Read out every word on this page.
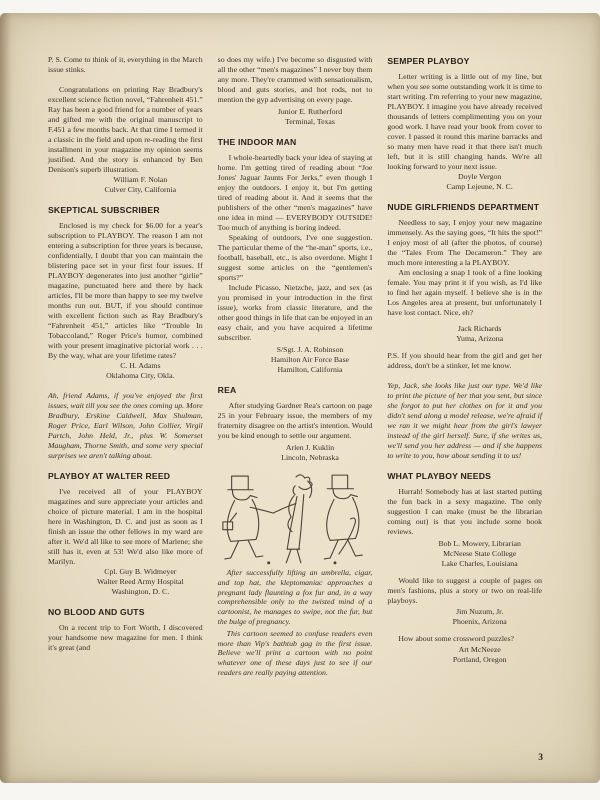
P. S. Come to think of it, everything in the March issue stinks.

Congratulations on printing Ray Bradbury's excellent science fiction novel, “Fahrenheit 451.” Ray has been a good friend for a number of years and gifted me with the original manuscript to F.451 a few months back. At that time I termed it a classic in the field and upon re-reading the first installment in your magazine my opinion seems justified. And the story is enhanced by Ben Denison's superb illustration.

William F. Nolan
Culver City, California
SKEPTICAL SUBSCRIBER

Enclosed is my check for $6.00 for a year's subscription to PLAYBOY. The reason I am not entering a subscription for three years is because, confidentially, I doubt that you can maintain the blistering pace set in your first four issues. If PLAYBOY degenerates into just another “girlie” magazine, punctuated here and there by hack articles, I'll be more than happy to see my twelve months run out. BUT, if you should continue with excellent fiction such as Ray Bradbury's “Fahrenheit 451,” articles like “Trouble In Tobaccoland,” Roger Price's humor, combined with your present imaginative pictorial work . . . By the way, what are your lifetime rates?

C. H. Adams
Oklahoma City, Okla.

Ah, friend Adams, if you've enjoyed the first issues, wait till you see the ones coming up. More Bradbury, Erskine Caldwell, Max Shulman, Roger Price, Earl Wilson, John Collier, Virgil Partch, John Held, Jr., plus W. Somerset Maugham, Thorne Smith, and some very special surprises we aren't talking about.

PLAYBOY AT WALTER REED

I've received all of your PLAYBOY magazines and sure appreciate your articles and choice of picture material. I am in the hospital here in Washington, D. C. and just as soon as I finish an issue the other fellows in my ward are after it. We'd all like to see more of Marlene; she still has it, even at 53! We'd also like more of Marilyn.

Cpl. Guy B. Widmeyer
Walter Reed Army Hospital
Washington, D. C.
NO BLOOD AND GUTS

On a recent trip to Fort Worth, I discovered your handsome new magazine for men. I think it's great (and

so does my wife.) I've become so disgusted with all the other “men's magazines” I never buy them any more. They're crammed with sensationalism, blood and guts stories, and hot rods, not to mention the gyp advertising on every page.

Junior E. Rutherford
Terminal, Texas
THE INDOOR MAN

I whole-heartedly back your idea of staying at home. I'm getting tired of reading about “Joe Jones' Jaguar Jaunts For Jerks,” even though I enjoy the outdoors. I enjoy it, but I'm getting tired of reading about it. And it seems that the publishers of the other “men's magazines” have one idea in mind — EVERYBODY OUTSIDE! Too much of anything is boring indeed.

Speaking of outdoors, I've one suggestion. The particular theme of the “he-man” sports, i.e., football, baseball, etc., is also overdone. Might I suggest some articles on the “gentlemen's sports?”

Include Picasso, Nietzche, jazz, and sex (as you promised in your introduction in the first issue), works from classic literature, and the other good things in life that can be enjoyed in an easy chair, and you have acquired a lifetime subscriber.

S/Sgt. J. A. Robinson
Hamilton Air Force Base
Hamilton, California
REA

After studying Gardner Rea's cartoon on page 25 in your February issue, the members of my fraternity disagree on the artist's intention. Would you be kind enough to settle our argument.

Arlen J. Kuklin
Lincoln, Nebraska

After successfully lifting an umbrella, cigar, and top hat, the kleptomaniac approaches a pregnant lady flaunting a fox fur and, in a way comprehensible only to the twisted mind of a cartoonist, he manages to swipe, not the fur, but the bulge of pregnancy.

This cartoon seemed to confuse readers even more than Vip's bathtub gag in the first issue. Believe we'll print a cartoon with no point whatever one of these days just to see if our readers are really paying attention.

SEMPER PLAYBOY

Letter writing is a little out of my line, but when you see some outstanding work it is time to start writing. I'm referring to your new magazine, PLAYBOY. I imagine you have already received thousands of letters complimenting you on your good work. I have read your book from cover to cover. I passed it round this marine barracks and so many men have read it that there isn't much left, but it is still changing hands. We're all looking forward to your next issue.

Doyle Vergon
Camp Lejeune, N. C.
NUDE GIRLFRIENDS DEPARTMENT

Needless to say, I enjoy your new magazine immensely. As the saying goes, “It hits the spot!” I enjoy most of all (after the photos, of course) the “Tales From The Decameron.” They are much more interesting a la PLAYBOY.

Am enclosing a snap I took of a fine looking female. You may print it if you wish, as I'd like to find her again myself. I believe she is in the Los Angeles area at present, but unfortunately I have lost contact. Nice, eh?

Jack Richards
Yuma, Arizona

P.S. If you should hear from the girl and get her address, don't be a stinker, let me know.

Yep, Jack, she looks like just our type. We'd like to print the picture of her that you sent, but since she forgot to put her clothes on for it and you didn't send along a model release, we're afraid if we ran it we might hear from the girl's lawyer instead of the girl herself. Sure, if she writes us, we'll send you her address — and if she happens to write to you, how about sending it to us!

WHAT PLAYBOY NEEDS

Hurrah! Somebody has at last started putting the fun back in a sexy magazine. The only suggestion I can make (must be the librarian coming out) is that you include some book reviews.

Bob L. Mowery, Librarian
McNeese State College
Lake Charles, Louisiana

Would like to suggest a couple of pages on men's fashions, plus a story or two on real-life playboys.

Jim Nuzum, Jr.
Phoenix, Arizona

How about some crossword puzzles?

Art McNeeze
Portland, Oregon
3
